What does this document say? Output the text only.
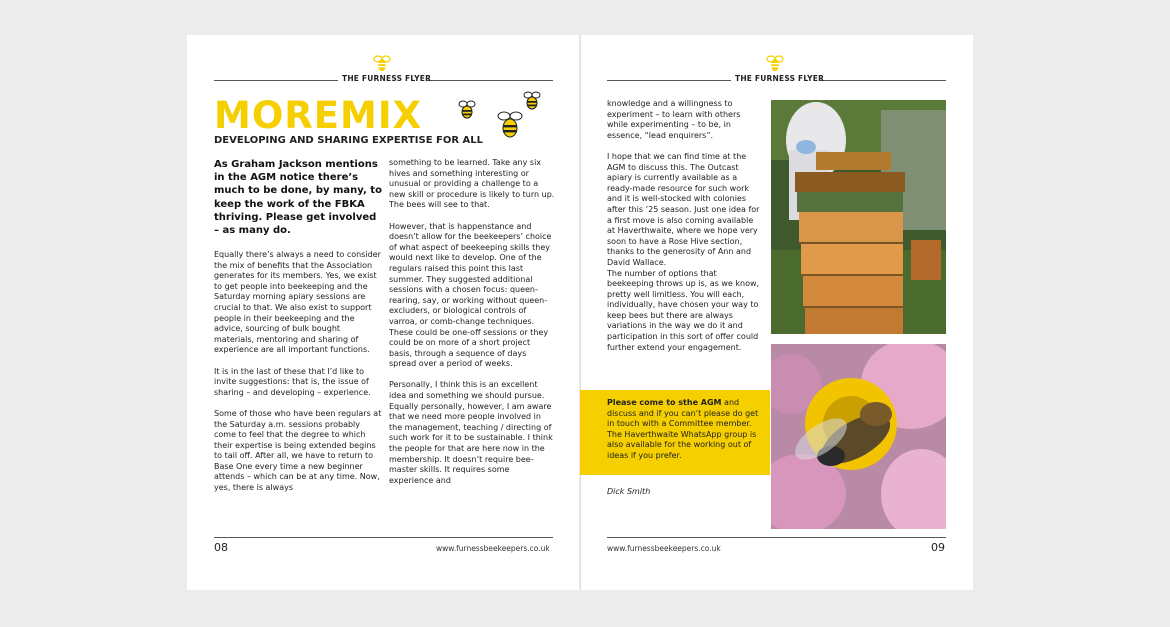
THE FURNESS FLYER	THE FURNESS FLYER
MOREMIX
DEVELOPING AND SHARING EXPERTISE FOR ALL
As Graham Jackson mentions in the AGM notice there’s much to be done, by many, to keep the work of the FBKA thriving. Please get involved – as many do.

Equally there’s always a need to consider the mix of benefits that the Association generates for its members. Yes, we exist to get people into beekeeping and the Saturday morning apiary sessions are crucial to that. We also exist to support people in their beekeeping and the advice, sourcing of bulk bought materials, mentoring and sharing of experience are all important functions.

It is in the last of these that I’d like to invite suggestions: that is, the issue of sharing – and developing – experience.

Some of those who have been regulars at the Saturday a.m. sessions probably come to feel that the degree to which their expertise is being extended begins to tail off. After all, we have to return to Base One every time a new beginner attends – which can be at any time. Now, yes, there is always

something to be learned. Take any six hives and something interesting or unusual or providing a challenge to a new skill or procedure is likely to turn up. The bees will see to that.

However, that is happenstance and doesn’t allow for the beekeepers’ choice of what aspect of beekeeping skills they would next like to develop. One of the regulars raised this point this last summer. They suggested additional sessions with a chosen focus: queen-rearing, say, or working without queen-excluders, or biological controls of varroa, or comb-change techniques. These could be one-off sessions or they could be on more of a short project basis, through a sequence of days spread over a period of weeks.

Personally, I think this is an excellent idea and something we should pursue. Equally personally, however, I am aware that we need more people involved in the management, teaching / directing of such work for it to be sustainable. I think the people for that are here now in the membership. It doesn’t require bee-master skills. It requires some experience and

08	www.furnessbeekeepers.co.uk

knowledge and a willingness to experiment – to learn with others while experimenting – to be, in essence, “lead enquirers”.

I hope that we can find time at the AGM to discuss this. The Outcast apiary is currently available as a ready-made resource for such work and it is well-stocked with colonies after this ’25 season. Just one idea for a first move is also coming available at Haverthwaite, where we hope very soon to have a Rose Hive section, thanks to the generosity of Ann and David Wallace.

The number of options that beekeeping throws up is, as we know, pretty well limitless. You will each, individually, have chosen your way to keep bees but there are always variations in the way we do it and participation in this sort of offer could further extend your engagement.

Please come to sthe AGM and discuss and if you can’t please do get in touch with a Committee member. The Haverthwaite WhatsApp group is also available for the working out of ideas if you prefer.
Dick Smith
www.furnessbeekeepers.co.uk	09
